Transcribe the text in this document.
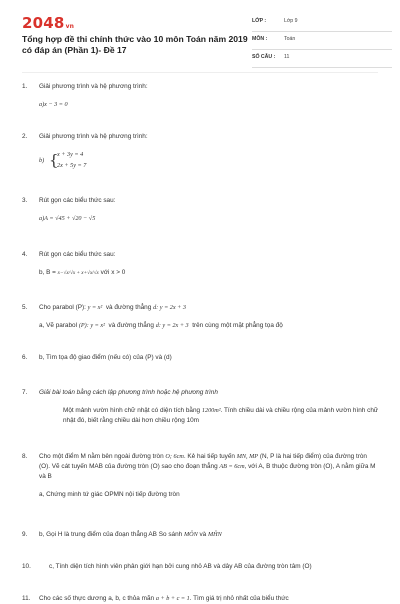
2048vn
Tổng hợp đề thi chính thức vào 10 môn Toán năm 2019 có đáp án (Phần 1)- Đề 17
LỚP :	Lớp 9
MÔN :	Toán
SỐ CÂU : 11
1.	Giải phương trình và hệ phương trình:
a)x − 3 = 0
2.	Giải phương trình và hệ phương trình:
b) {
x + 3y = 4
2x + 5y = 7
3.	Rút gọn các biểu thức sau:
a)A = √45 + √20 − √5
4.	Rút gọn các biểu thức sau:
b, B = x−√x/√x + x+√x/√x với x > 0
5.	Cho parabol (P): y = x² và đường thẳng d: y = 2x + 3
a, Vẽ parabol (P): y = x² và đường thẳng d: y = 2x + 3 trên cùng một mặt phẳng tọa độ
6.	b, Tìm tọa độ giao điểm (nếu có) của (P) và (d)
7.	Giải bài toán bằng cách lập phương trình hoặc hệ phương trình
Một mảnh vườn hình chữ nhật có diện tích bằng 1200m². Tính chiều dài và chiều rộng của mảnh vườn hình chữ nhật đó, biết rằng chiều dài hơn chiều rộng 10m
8.	Cho một điểm M nằm bên ngoài đường tròn O; 6cm. Kẻ hai tiếp tuyến MN, MP (N, P là hai tiếp điểm) của đường tròn (O). Vẽ cát tuyến MAB của đường tròn (O) sao cho đoạn thẳng AB = 6cm, với A, B thuộc đường tròn (O), A nằm giữa M và B
a, Chứng minh tứ giác OPMN nội tiếp đường tròn
9.	b, Gọi H là trung điểm của đoạn thẳng AB So sánh MÔN và MĤN
10.	c, Tính diện tích hình viên phân giới hạn bởi cung nhỏ AB và dây AB của đường tròn tâm (O)
11.	Cho các số thực dương a, b, c thỏa mãn a + b + c = 1. Tìm giá trị nhỏ nhất của biểu thức
